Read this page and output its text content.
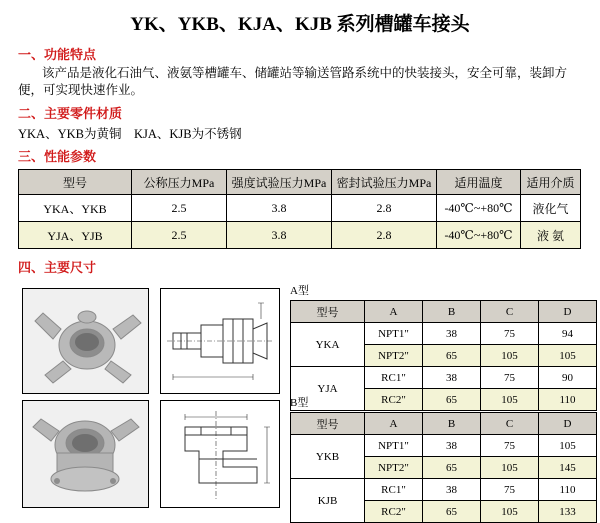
YK、YKB、KJA、KJB 系列槽罐车接头
一、功能特点
该产品是液化石油气、液氨等槽罐车、储罐站等输送管路系统中的快装接头，安全可靠，装卸方便，可实现快速作业。
二、主要零件材质
YKA、YKB为黄铜    KJA、KJB为不锈钢
三、性能参数
型号	公称压力MPa	强度试验压力MPa	密封试验压力MPa	适用温度	适用介质
YKA、YKB	2.5	3.8	2.8	-40℃~+80℃	液化气
YJA、YJB	2.5	3.8	2.8	-40℃~+80℃	液 氨
四、主要尺寸
A型
型号	A	B	C	D
YKA	NPT1"	38	75	94
	NPT2"	65	105	105
YJA	RC1"	38	75	90
	RC2"	65	105	110
B型
型号	A	B	C	D
YKB	NPT1"	38	75	105
	NPT2"	65	105	145
KJB	RC1"	38	75	110
	RC2"	65	105	133
